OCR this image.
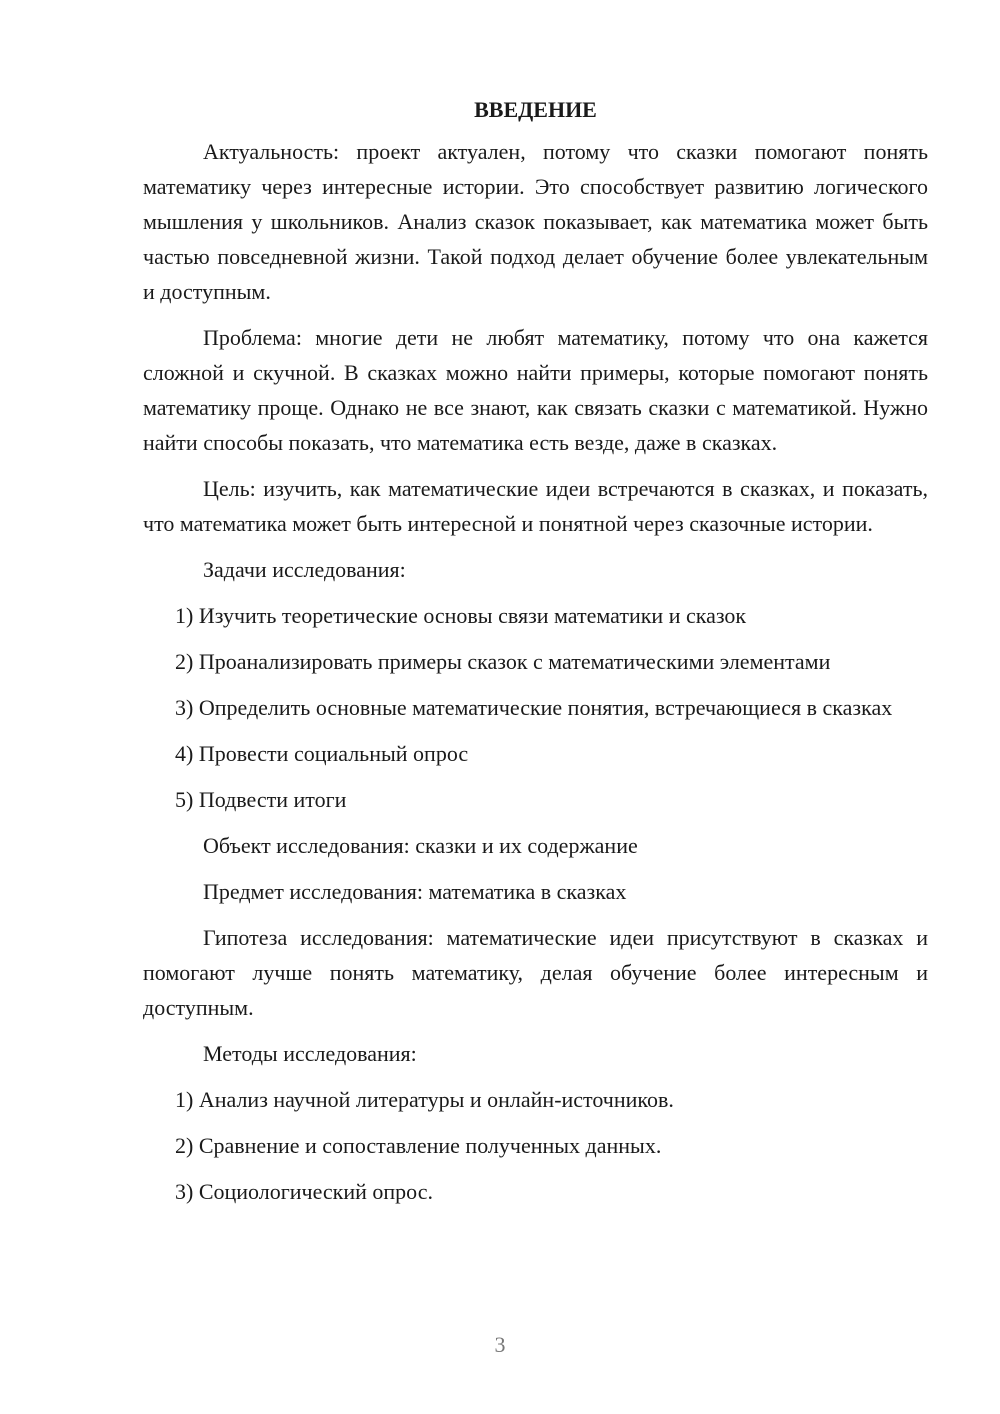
ВВЕДЕНИЕ

Актуальность: проект актуален, потому что сказки помогают понять математику через интересные истории. Это способствует развитию логического мышления у школьников. Анализ сказок показывает, как математика может быть частью повседневной жизни. Такой подход делает обучение более увлекательным и доступным.

Проблема: многие дети не любят математику, потому что она кажется сложной и скучной. В сказках можно найти примеры, которые помогают понять математику проще. Однако не все знают, как связать сказки с математикой. Нужно найти способы показать, что математика есть везде, даже в сказках.

Цель: изучить, как математические идеи встречаются в сказках, и показать, что математика может быть интересной и понятной через сказочные истории.

Задачи исследования:

1) Изучить теоретические основы связи математики и сказок

2) Проанализировать примеры сказок с математическими элементами

3) Определить основные математические понятия, встречающиеся в сказках

4) Провести социальный опрос

5) Подвести итоги

Объект исследования: сказки и их содержание

Предмет исследования: математика в сказках

Гипотеза исследования: математические идеи присутствуют в сказках и помогают лучше понять математику, делая обучение более интересным и доступным.

Методы исследования:

1) Анализ научной литературы и онлайн-источников.

2) Сравнение и сопоставление полученных данных.

3) Социологический опрос.

3
